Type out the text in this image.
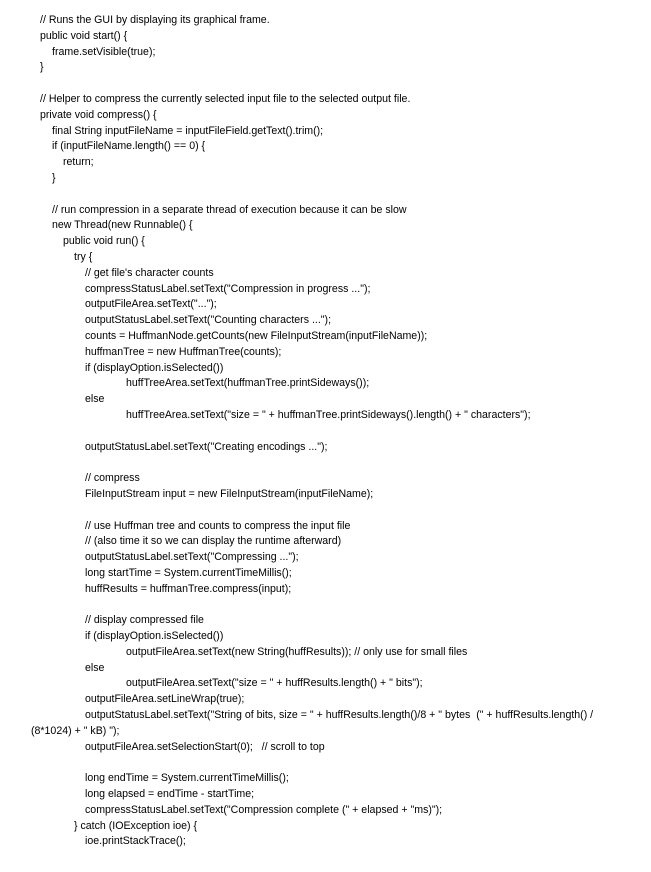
// Runs the GUI by displaying its graphical frame.
public void start() {
frame.setVisible(true);
}
// Helper to compress the currently selected input file to the selected output file.
private void compress() {
final String inputFileName = inputFileField.getText().trim();
if (inputFileName.length() == 0) {
return;
}
// run compression in a separate thread of execution because it can be slow
new Thread(new Runnable() {
public void run() {
try {
// get file's character counts
compressStatusLabel.setText("Compression in progress ...");
outputFileArea.setText("...");
outputStatusLabel.setText("Counting characters ...");
counts = HuffmanNode.getCounts(new FileInputStream(inputFileName));
huffmanTree = new HuffmanTree(counts);
if (displayOption.isSelected())
huffTreeArea.setText(huffmanTree.printSideways());
else
huffTreeArea.setText("size = " + huffmanTree.printSideways().length() + " characters");
outputStatusLabel.setText("Creating encodings ...");
// compress
FileInputStream input = new FileInputStream(inputFileName);
// use Huffman tree and counts to compress the input file
// (also time it so we can display the runtime afterward)
outputStatusLabel.setText("Compressing ...");
long startTime = System.currentTimeMillis();
huffResults = huffmanTree.compress(input);
// display compressed file
if (displayOption.isSelected())
outputFileArea.setText(new String(huffResults)); // only use for small files
else
outputFileArea.setText("size = " + huffResults.length() + " bits");
outputFileArea.setLineWrap(true);
outputStatusLabel.setText("String of bits, size = " + huffResults.length()/8 + " bytes  (" + huffResults.length() /
(8*1024) + " kB) ");
outputFileArea.setSelectionStart(0);   // scroll to top
long endTime = System.currentTimeMillis();
long elapsed = endTime - startTime;
compressStatusLabel.setText("Compression complete (" + elapsed + "ms)");
} catch (IOException ioe) {
ioe.printStackTrace();
